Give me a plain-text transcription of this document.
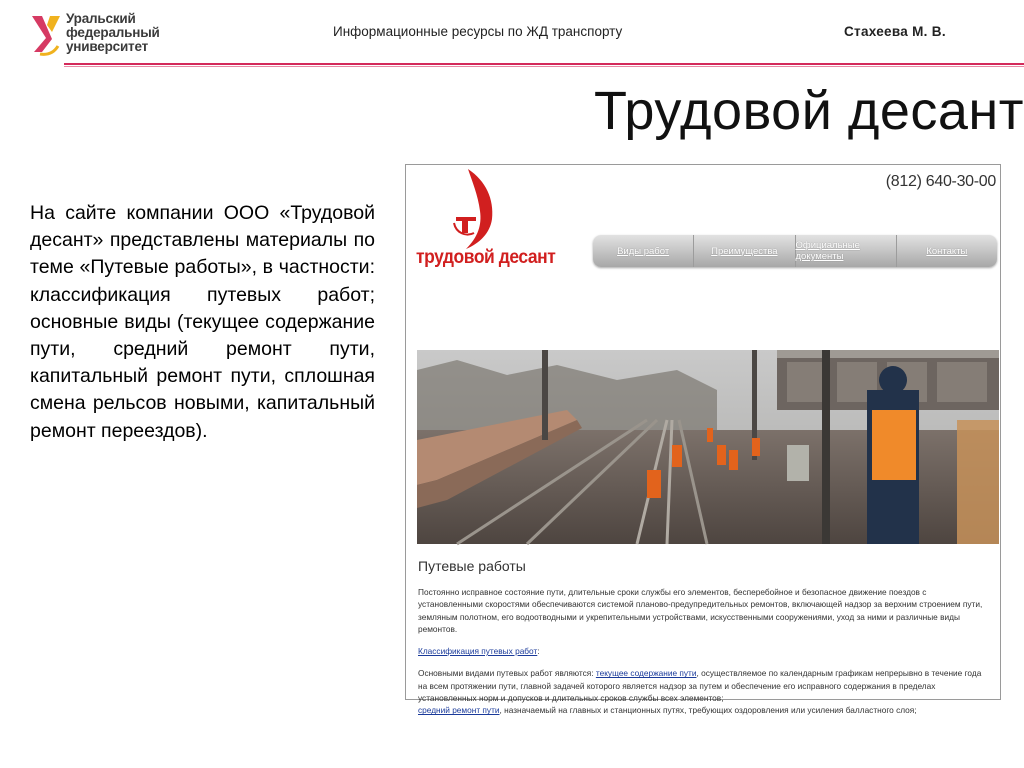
Уральский
федеральный
университет
Информационные ресурсы по ЖД транспорту	Стахеева М. В.
Трудовой десант
На сайте компании ООО «Трудовой десант» представлены материалы по теме «Путевые работы», в частности: классификация путевых работ; основные виды (текущее содержание пути, средний ремонт пути, капитальный ремонт пути, сплошная смена рельсов новыми, капитальный ремонт переездов).
(812) 640-30-00
трудовой десант	Виды работ	Преимущества	Официальные документы	Контакты
Путевые работы
Постоянно исправное состояние пути, длительные сроки службы его элементов, бесперебойное и безопасное движение поездов с установленными скоростями обеспечиваются системой планово-предупредительных ремонтов, включающей надзор за верхним строением пути, земляным полотном, его водоотводными и укрепительными устройствами, искусственными сооружениями, уход за ними и различные виды ремонтов.
Классификация путевых работ:
Основными видами путевых работ являются: текущее содержание пути, осуществляемое по календарным графикам непрерывно в течение года на всем протяжении пути, главной задачей которого является надзор за путем и обеспечение его исправного содержания в пределах установленных норм и допусков и длительных сроков службы всех элементов;
средний ремонт пути, назначаемый на главных и станционных путях, требующих оздоровления или усиления балластного слоя;
